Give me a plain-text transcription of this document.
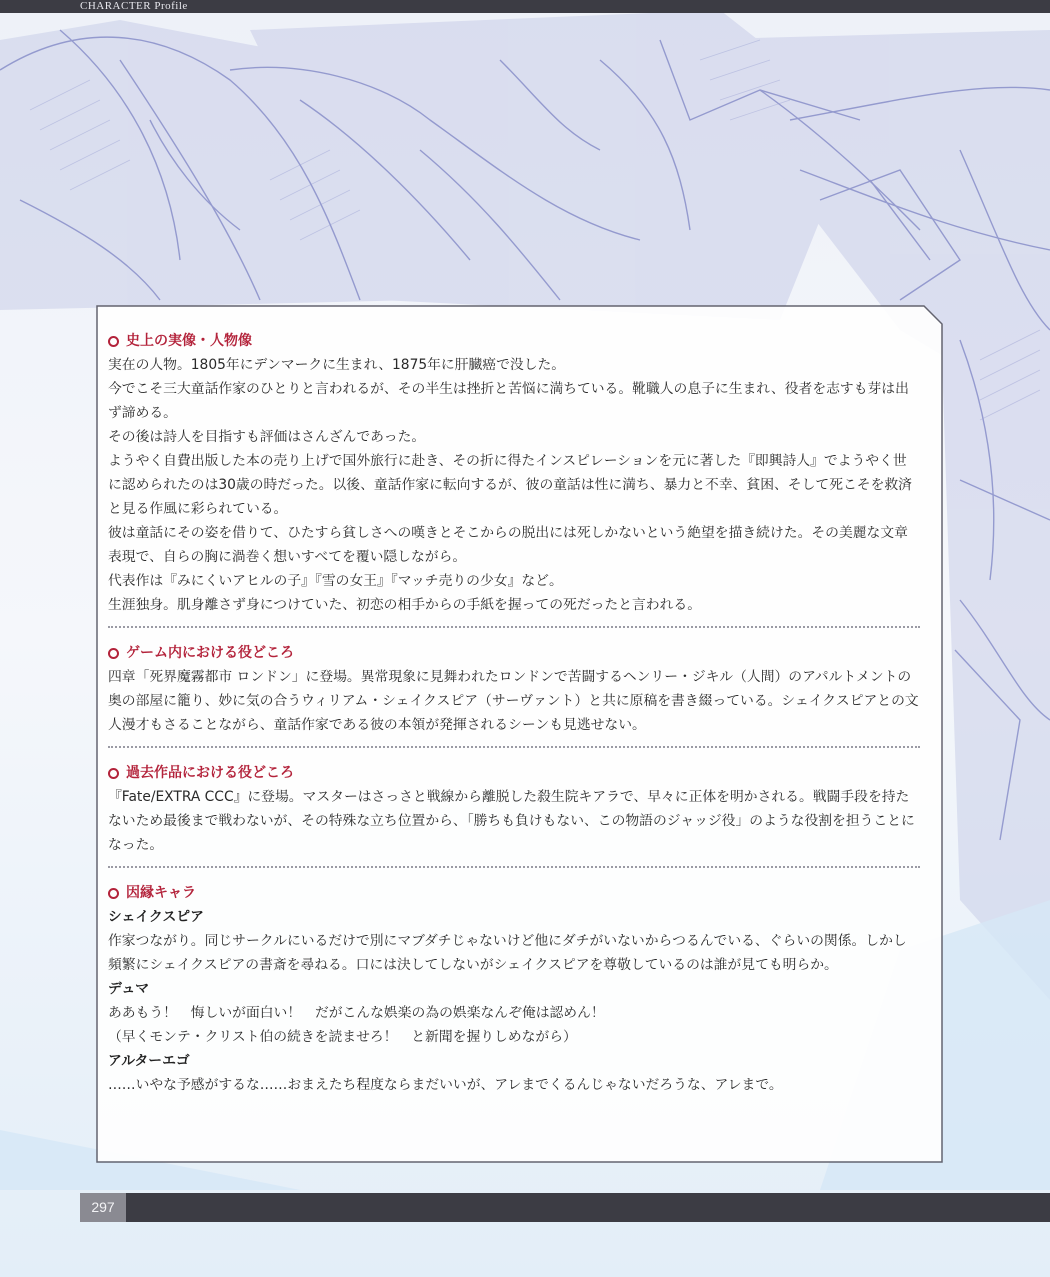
CHARACTER Profile
297
史上の実像・人物像

実在の人物。1805年にデンマークに生まれ、1875年に肝臓癌で没した。

今でこそ三大童話作家のひとりと言われるが、その半生は挫折と苦悩に満ちている。靴職人の息子に生まれ、役者を志すも芽は出ず諦める。

その後は詩人を目指すも評価はさんざんであった。

ようやく自費出版した本の売り上げで国外旅行に赴き、その折に得たインスピレーションを元に著した『即興詩人』でようやく世に認められたのは30歳の時だった。以後、童話作家に転向するが、彼の童話は性に満ち、暴力と不幸、貧困、そして死こそを救済と見る作風に彩られている。

彼は童話にその姿を借りて、ひたすら貧しさへの嘆きとそこからの脱出には死しかないという絶望を描き続けた。その美麗な文章表現で、自らの胸に渦巻く想いすべてを覆い隠しながら。

代表作は『みにくいアヒルの子』『雪の女王』『マッチ売りの少女』など。

生涯独身。肌身離さず身につけていた、初恋の相手からの手紙を握っての死だったと言われる。

ゲーム内における役どころ

四章「死界魔霧都市 ロンドン」に登場。異常現象に見舞われたロンドンで苦闘するヘンリー・ジキル（人間）のアパルトメントの奥の部屋に籠り、妙に気の合うウィリアム・シェイクスピア（サーヴァント）と共に原稿を書き綴っている。シェイクスピアとの文人漫才もさることながら、童話作家である彼の本領が発揮されるシーンも見逃せない。

過去作品における役どころ

『Fate/EXTRA CCC』に登場。マスターはさっさと戦線から離脱した殺生院キアラで、早々に正体を明かされる。戦闘手段を持たないため最後まで戦わないが、その特殊な立ち位置から、「勝ちも負けもない、この物語のジャッジ役」のような役割を担うことになった。

因縁キャラ
シェイクスピア

作家つながり。同じサークルにいるだけで別にマブダチじゃないけど他にダチがいないからつるんでいる、ぐらいの関係。しかし頻繁にシェイクスピアの書斎を尋ねる。口には決してしないがシェイクスピアを尊敬しているのは誰が見ても明らか。

デュマ

ああもう！　悔しいが面白い！　だがこんな娯楽の為の娯楽なんぞ俺は認めん！

（早くモンテ・クリスト伯の続きを読ませろ！　と新聞を握りしめながら）

アルターエゴ

……いやな予感がするな……おまえたち程度ならまだいいが、アレまでくるんじゃないだろうな、アレまで。
